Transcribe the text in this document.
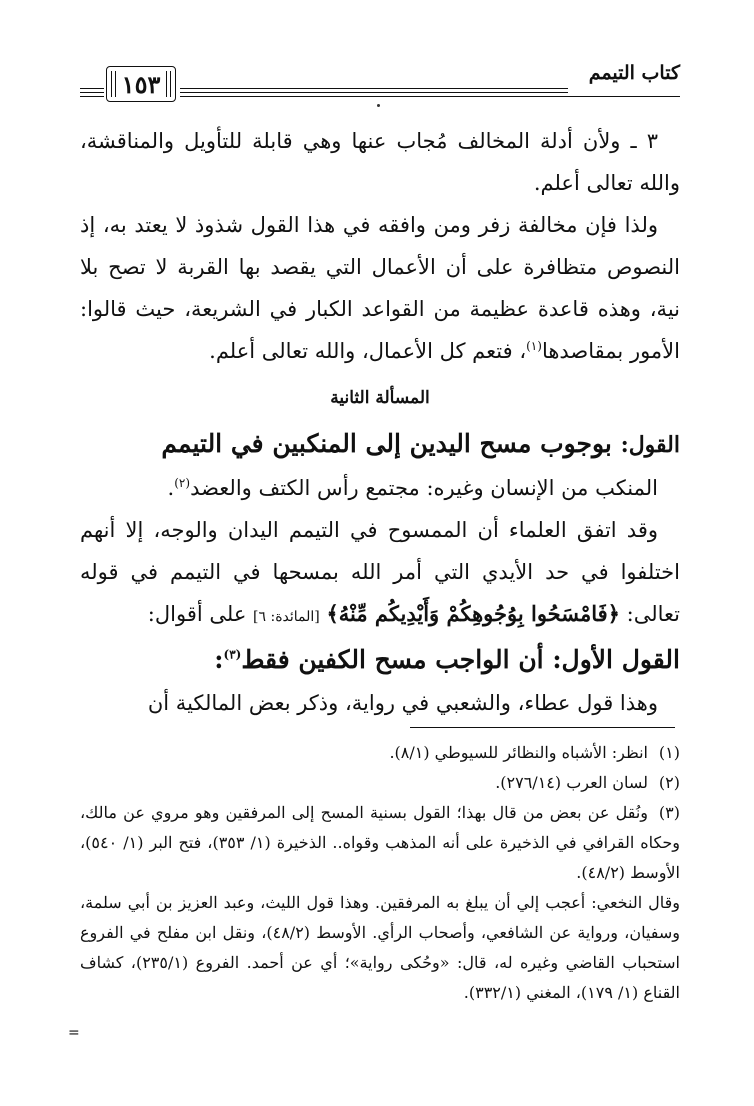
كتاب التيمم
١٥٣

٣ ـ ولأن أدلة المخالف مُجاب عنها وهي قابلة للتأويل والمناقشة، والله تعالى أعلم.

ولذا فإن مخالفة زفر ومن وافقه في هذا القول شذوذ لا يعتد به، إذ النصوص متظافرة على أن الأعمال التي يقصد بها القربة لا تصح بلا نية، وهذه قاعدة عظيمة من القواعد الكبار في الشريعة، حيث قالوا: الأمور بمقاصدها$^{(١)}$، فتعم كل الأعمال، والله تعالى أعلم.

المسألة الثانية

القول: بوجوب مسح اليدين إلى المنكبين في التيمم

المنكب من الإنسان وغيره: مجتمع رأس الكتف والعضد$^{(٢)}$.

وقد اتفق العلماء أن الممسوح في التيمم اليدان والوجه، إلا أنهم اختلفوا في حد الأيدي التي أمر الله بمسحها في التيمم في قوله تعالى: ﴿فَامْسَحُوا بِوُجُوهِكُمْ وَأَيْدِيكُم مِّنْهُ﴾ [المائدة: ٦] على أقوال:

القول الأول: أن الواجب مسح الكفين فقط$^{(٣)}$:

وهذا قول عطاء، والشعبي في رواية، وذكر بعض المالكية أن

(١)انظر: الأشباه والنظائر للسيوطي (٨/١).

(٢)لسان العرب (٢٧٦/١٤).

(٣)ونُقل عن بعض من قال بهذا؛ القول بسنية المسح إلى المرفقين وهو مروي عن مالك، وحكاه القرافي في الذخيرة على أنه المذهب وقواه.. الذخيرة (١/ ٣٥٣)، فتح البر (١/ ٥٤٠)، الأوسط (٤٨/٢).

وقال النخعي: أعجب إلي أن يبلغ به المرفقين. وهذا قول الليث، وعبد العزيز بن أبي سلمة، وسفيان، ورواية عن الشافعي، وأصحاب الرأي. الأوسط (٤٨/٢)، ونقل ابن مفلح في الفروع استحباب القاضي وغيره له، قال: «وحُكى رواية»؛ أي عن أحمد. الفروع (٢٣٥/١)، كشاف القناع (١/ ١٧٩)، المغني (٣٣٢/١).

=
